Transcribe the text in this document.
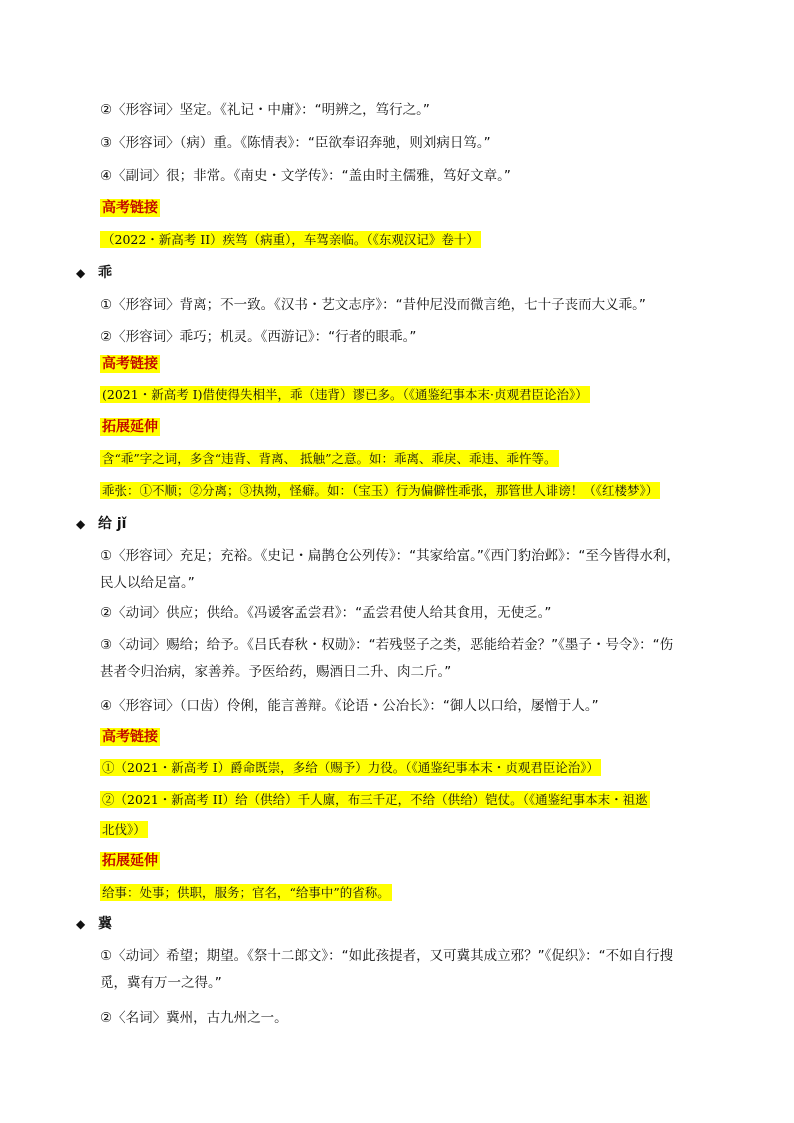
②〈形容词〉坚定。《礼记・中庸》：“明辨之，笃行之。”
③〈形容词〉（病）重。《陈情表》：“臣欲奉诏奔驰，则刘病日笃。”
④〈副词〉很；非常。《南史・文学传》：“盖由时主儒雅，笃好文章。”
高考链接
（2022・新高考 II）疾笃（病重），车驾亲临。（《东观汉记》卷十）
◆ 乖
①〈形容词〉背离；不一致。《汉书・艺文志序》：“昔仲尼没而微言绝，七十子丧而大义乖。”
②〈形容词〉乖巧；机灵。《西游记》：“行者的眼乖。”
高考链接
(2021・新高考 I)借使得失相半，乖（违背）谬已多。（《通鉴纪事本末·贞观君臣论治》）
拓展延伸
含“乖”字之词，多含“违背、背离、 抵触”之意。如：乖离、乖戾、乖违、乖忤等。
乖张：①不顺；②分离；③执拗，怪癖。如：（宝玉）行为偏僻性乖张，那管世人诽谤！（《红楼梦》）
◆ 给 jǐ
①〈形容词〉充足；充裕。《史记・扁鹊仓公列传》：“其家给富。”《西门豹治邺》：“至今皆得水利，
民人以给足富。”
②〈动词〉供应；供给。《冯谖客孟尝君》：“孟尝君使人给其食用，无使乏。”
③〈动词〉赐给；给予。《吕氏春秋・权勋》：“若残竖子之类，恶能给若金？”《墨子・号令》：“伤
甚者令归治病，家善养。予医给药，赐酒日二升、肉二斤。”
④〈形容词〉（口齿）伶俐，能言善辩。《论语・公冶长》：“御人以口给，屡憎于人。”
高考链接
①（2021・新高考 I）爵命既崇，多给（赐予）力役。（《通鉴纪事本末・贞观君臣论治》）
②（2021・新高考 II）给（供给）千人廪，布三千疋，不给（供给）铠仗。（《通鉴纪事本末・祖逖
北伐》）
拓展延伸
给事：处事；供职，服务；官名，“给事中”的省称。
◆ 冀
①〈动词〉希望；期望。《祭十二郎文》：“如此孩提者，又可冀其成立邪？”《促织》：“不如自行搜
觅，冀有万一之得。”
②〈名词〉冀州，古九州之一。
